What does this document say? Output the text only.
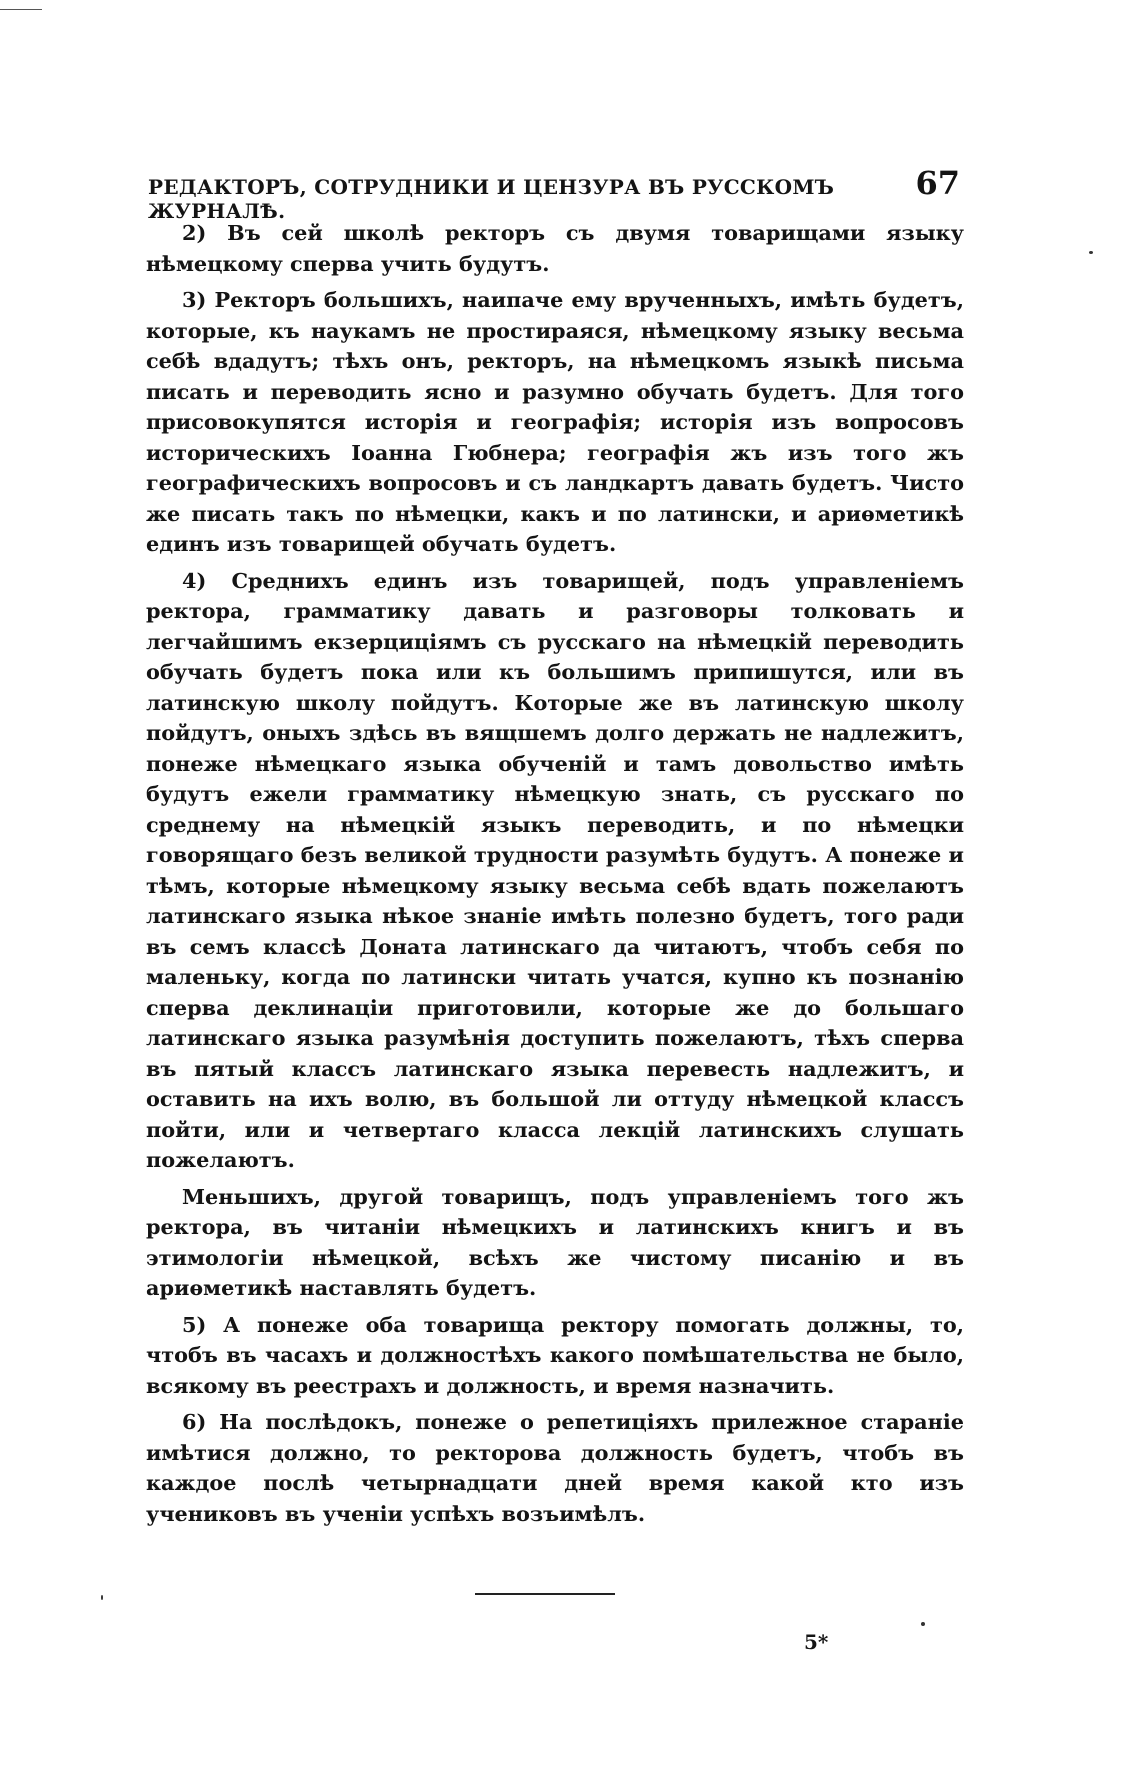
РЕДАКТОРЪ, СОТРУДНИКИ И ЦЕНЗУРА ВЪ РУССКОМЪ ЖУРНАЛѢ.
67

2) Въ сей школѣ ректоръ съ двумя товарищами языку нѣмецкому сперва учить будутъ.

3) Ректоръ большихъ, наипаче ему врученныхъ, имѣть будетъ, которые, къ наукамъ не простираяся, нѣмецкому языку весьма себѣ вдадутъ; тѣхъ онъ, ректоръ, на нѣмецкомъ языкѣ письма писать и переводить ясно и разумно обучать будетъ. Для того присовокупятся исторія и географія; исторія изъ вопросовъ историческихъ Іоанна Гюбнера; географія жъ изъ того жъ географическихъ вопросовъ и съ ландкартъ давать будетъ. Чисто же писать такъ по нѣмецки, какъ и по латински, и ариѳметикѣ единъ изъ товарищей обучать будетъ.

4) Среднихъ единъ изъ товарищей, подъ управленіемъ ректора, грамматику давать и разговоры толковать и легчайшимъ екзерциціямъ съ русскаго на нѣмецкій переводить обучать будетъ пока или къ большимъ припишутся, или въ латинскую школу пойдутъ. Которые же въ латинскую школу пойдутъ, оныхъ здѣсь въ вящшемъ долго держать не надлежитъ, понеже нѣмецкаго языка обученій и тамъ довольство имѣть будутъ ежели грамматику нѣмецкую знать, съ русскаго по среднему на нѣмецкій языкъ переводить, и по нѣмецки говорящаго безъ великой трудности разумѣть будутъ. А понеже и тѣмъ, которые нѣмецкому языку весьма себѣ вдать пожелаютъ латинскаго языка нѣкое знаніе имѣть полезно будетъ, того ради въ семъ классѣ Доната латинскаго да читаютъ, чтобъ себя по маленьку, когда по латински читать учатся, купно къ познанію сперва деклинаціи приготовили, которые же до большаго латинскаго языка разумѣнія доступить пожелаютъ, тѣхъ сперва въ пятый классъ латинскаго языка перевесть надлежитъ, и оставить на ихъ волю, въ большой ли оттуду нѣмецкой классъ пойти, или и четвертаго класса лекцій латинскихъ слушать пожелаютъ.

Меньшихъ, другой товарищъ, подъ управленіемъ того жъ ректора, въ читаніи нѣмецкихъ и латинскихъ книгъ и въ этимологіи нѣмецкой, всѣхъ же чистому писанію и въ ариѳметикѣ наставлять будетъ.

5) А понеже оба товарища ректору помогать должны, то, чтобъ въ часахъ и должностѣхъ какого помѣшательства не было, всякому въ реестрахъ и должность, и время назначить.

6) На послѣдокъ, понеже о репетиціяхъ прилежное стараніе имѣтися должно, то ректорова должность будетъ, чтобъ въ каждое послѣ четырнадцати дней время какой кто изъ учениковъ въ ученіи успѣхъ возъимѣлъ.

5*
